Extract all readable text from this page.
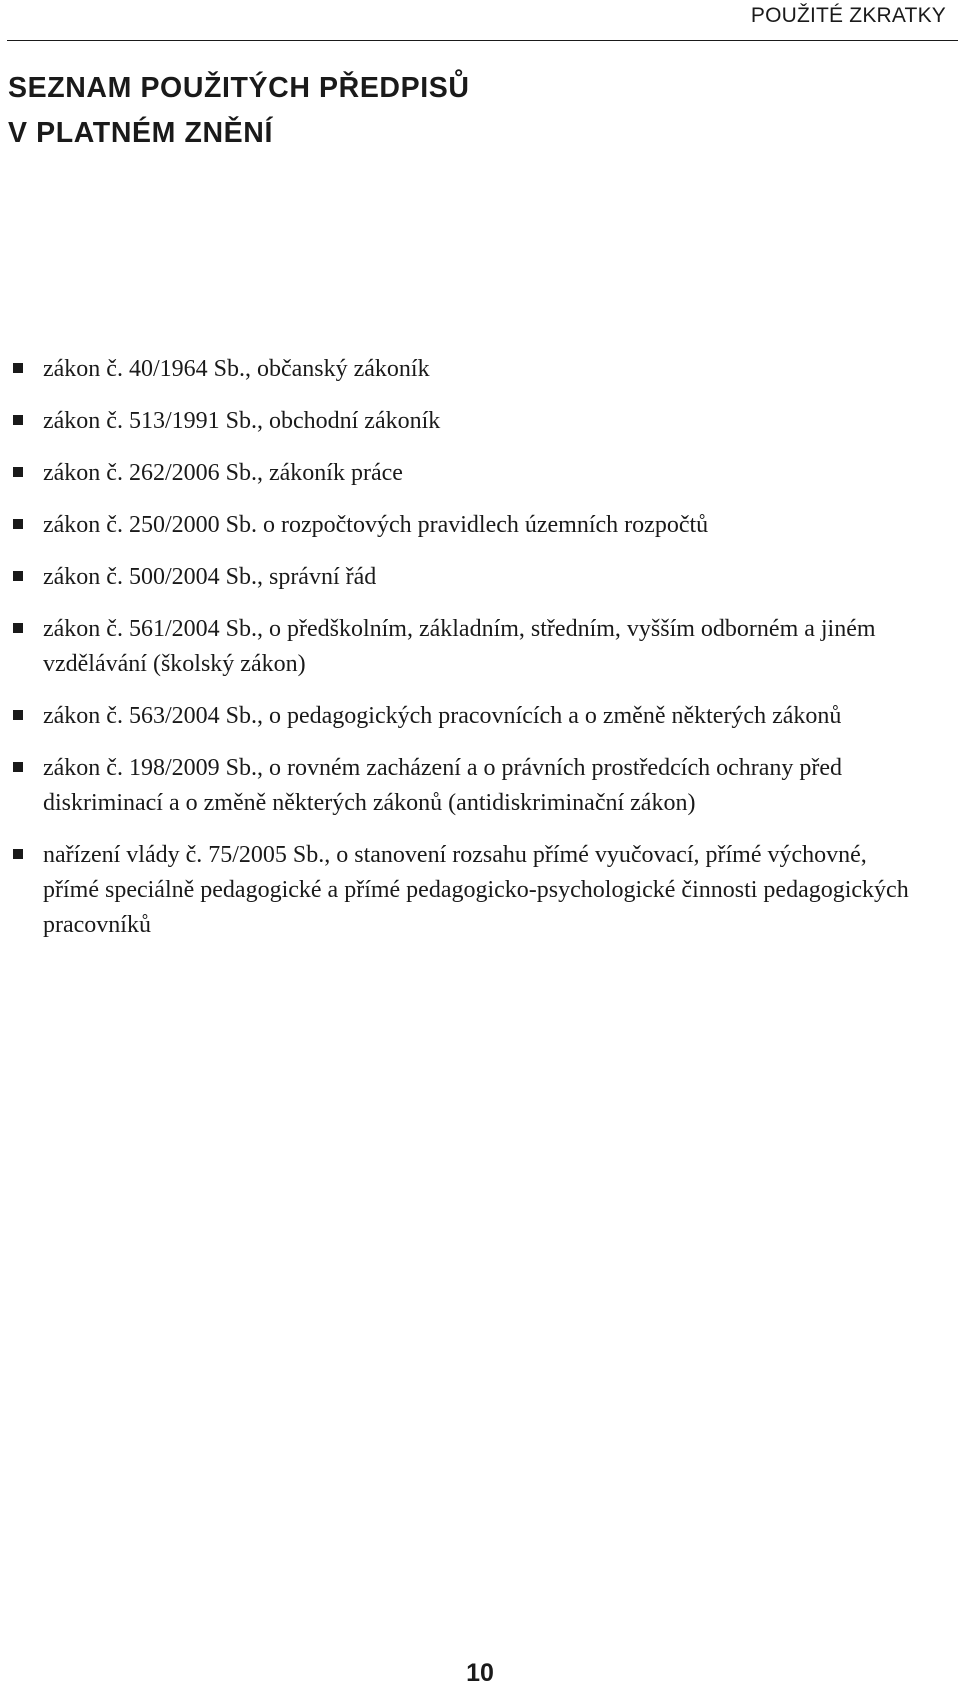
POUŽITÉ ZKRATKY
SEZNAM POUŽITÝCH PŘEDPISŮ
V PLATNÉM ZNĚNÍ
zákon č. 40/1964 Sb., občanský zákoník
zákon č. 513/1991 Sb., obchodní zákoník
zákon č. 262/2006 Sb., zákoník práce
zákon č. 250/2000 Sb. o rozpočtových pravidlech územních rozpočtů
zákon č. 500/2004 Sb., správní řád
zákon č. 561/2004 Sb., o předškolním, základním, středním, vyšším odborném a jiném vzdělávání (školský zákon)
zákon č. 563/2004 Sb., o pedagogických pracovnících a o změně některých zákonů
zákon č. 198/2009 Sb., o rovném zacházení a o právních prostředcích ochrany před diskriminací a o změně některých zákonů (antidiskriminační zákon)
nařízení vlády č. 75/2005 Sb., o stanovení rozsahu přímé vyučovací, přímé výchovné, přímé speciálně pedagogické a přímé pedagogicko-psychologické činnosti pedagogických pracovníků
10
